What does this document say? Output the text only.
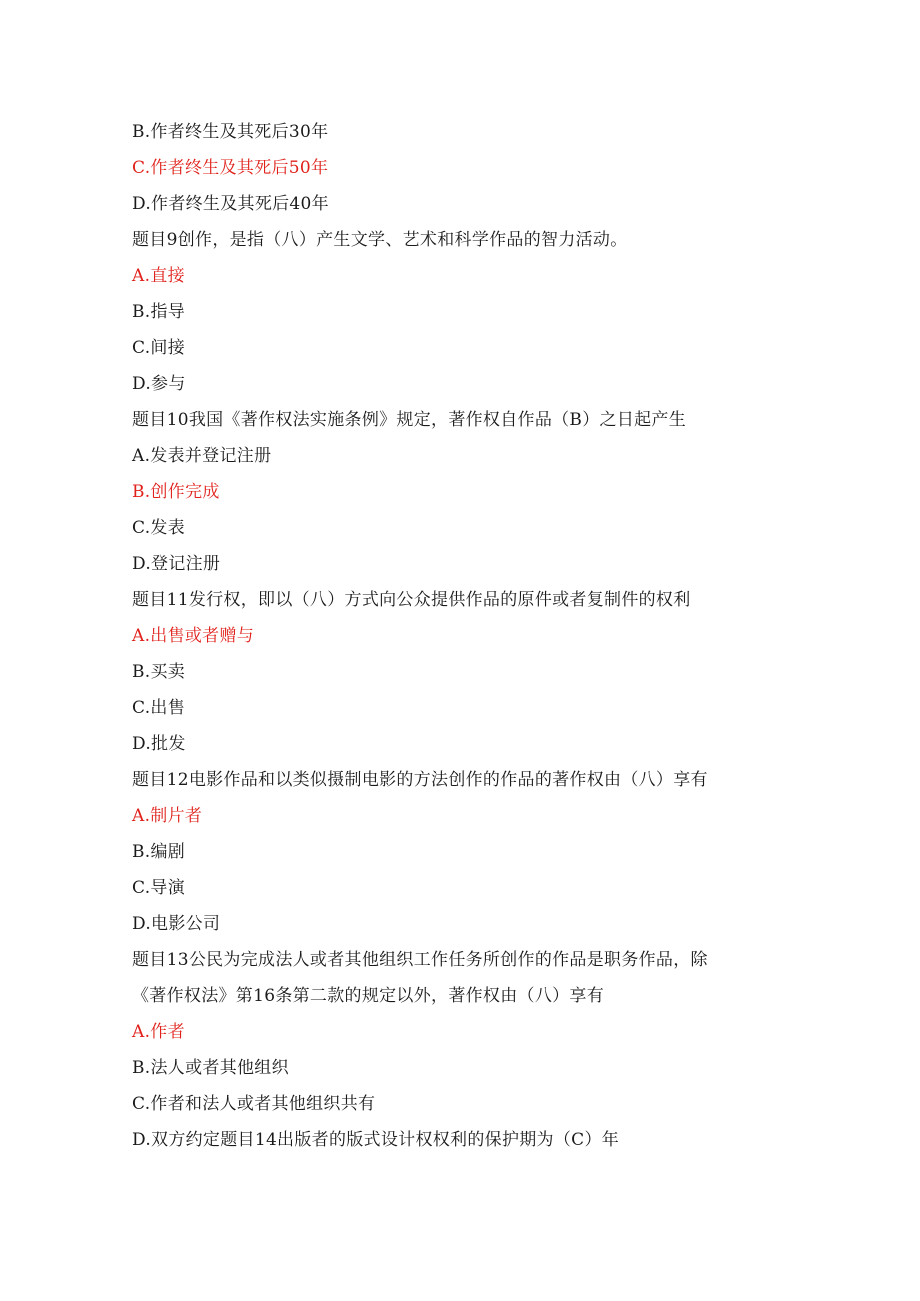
B.作者终生及其死后30年
C.作者终生及其死后50年
D.作者终生及其死后40年
题目9创作，是指（八）产生文学、艺术和科学作品的智力活动。
A.直接
B.指导
C.间接
D.参与
题目10我国《著作权法实施条例》规定，著作权自作品（B）之日起产生
A.发表并登记注册
B.创作完成
C.发表
D.登记注册
题目11发行权，即以（八）方式向公众提供作品的原件或者复制件的权利
A.出售或者赠与
B.买卖
C.出售
D.批发
题目12电影作品和以类似摄制电影的方法创作的作品的著作权由（八）享有
A.制片者
B.编剧
C.导演
D.电影公司
题目13公民为完成法人或者其他组织工作任务所创作的作品是职务作品，除
《著作权法》第16条第二款的规定以外，著作权由（八）享有
A.作者
B.法人或者其他组织
C.作者和法人或者其他组织共有
D.双方约定题目14出版者的版式设计权权利的保护期为（C）年
